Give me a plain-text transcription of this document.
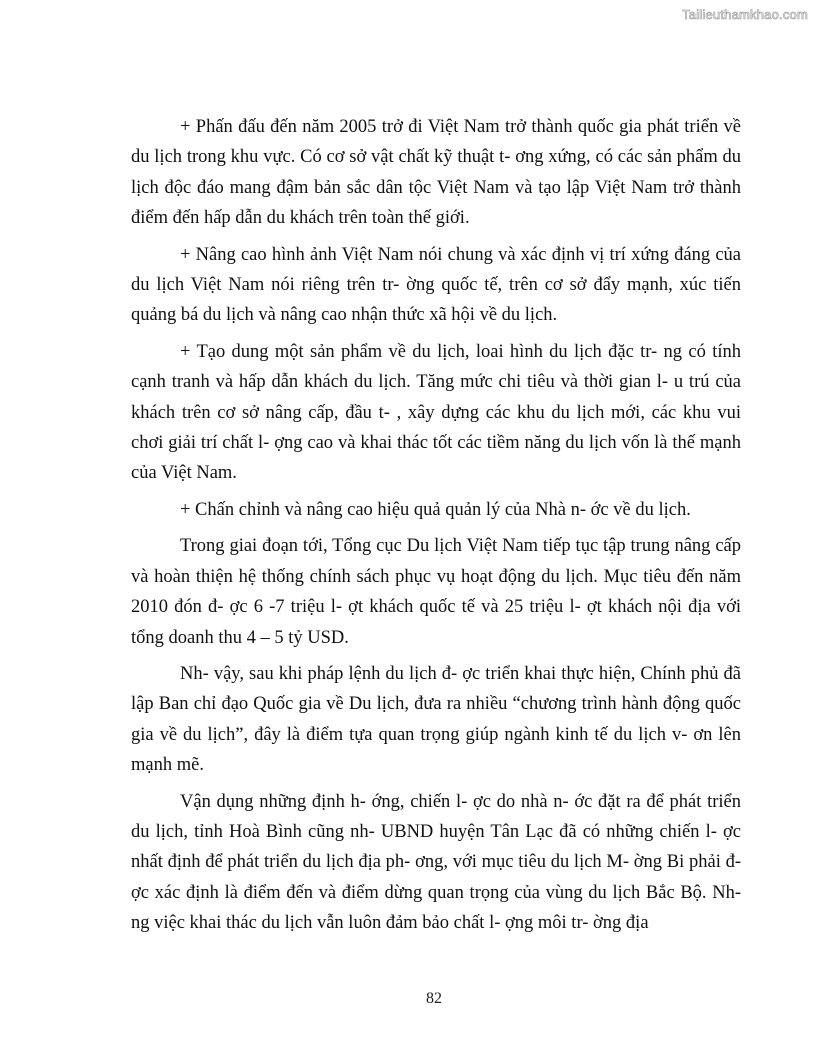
Tailieuthamkhao.com

+ Phấn đấu đến năm 2005 trở đi Việt Nam trở thành quốc gia phát triển về du lịch trong khu vực. Có cơ sở vật chất kỹ thuật t- ơng xứng, có các sản phẩm du lịch độc đáo mang đậm bản sắc dân tộc Việt Nam và tạo lập Việt Nam trở thành điểm đến hấp dẫn du khách trên toàn thế giới.

+ Nâng cao hình ảnh Việt Nam nói chung và xác định vị trí xứng đáng của du lịch Việt Nam nói riêng trên tr- ờng quốc tế, trên cơ sở đẩy mạnh, xúc tiến quảng bá du lịch và nâng cao nhận thức xã hội về du lịch.

+ Tạo dung một sản phẩm về du lịch, loai hình du lịch đặc tr- ng có tính cạnh tranh và hấp dẫn khách du lịch. Tăng mức chi tiêu và thời gian l- u trú của khách trên cơ sở nâng cấp, đầu t- , xây dựng các khu du lịch mới, các khu vui chơi giải trí chất l- ợng cao và khai thác tốt các tiềm năng du lịch vốn là thế mạnh của Việt Nam.

+ Chấn chỉnh và nâng cao hiệu quả quản lý của Nhà n- ớc về du lịch.

Trong giai đoạn tới, Tổng cục Du lịch Việt Nam tiếp tục tập trung nâng cấp và hoàn thiện hệ thống chính sách phục vụ hoạt động du lịch. Mục tiêu đến năm 2010 đón đ- ợc 6 -7 triệu l- ợt khách quốc tế và 25 triệu l- ợt khách nội địa với tổng doanh thu 4 – 5 tỷ USD.

Nh- vậy, sau khi pháp lệnh du lịch đ- ợc triển khai thực hiện, Chính phủ đã lập Ban chỉ đạo Quốc gia về Du lịch, đưa ra nhiều “chương trình hành động quốc gia về du lịch”, đây là điểm tựa quan trọng giúp ngành kinh tế du lịch v- ơn lên mạnh mẽ.

Vận dụng những định h- ớng, chiến l- ợc do nhà n- ớc đặt ra để phát triển du lịch, tỉnh Hoà Bình cũng nh- UBND huyện Tân Lạc đã có những chiến l- ợc nhất định để phát triển du lịch địa ph- ơng, với mục tiêu du lịch M- ờng Bi phải đ- ợc xác định là điểm đến và điểm dừng quan trọng của vùng du lịch Bắc Bộ. Nh- ng việc khai thác du lịch vẫn luôn đảm bảo chất l- ợng môi tr- ờng địa

82
